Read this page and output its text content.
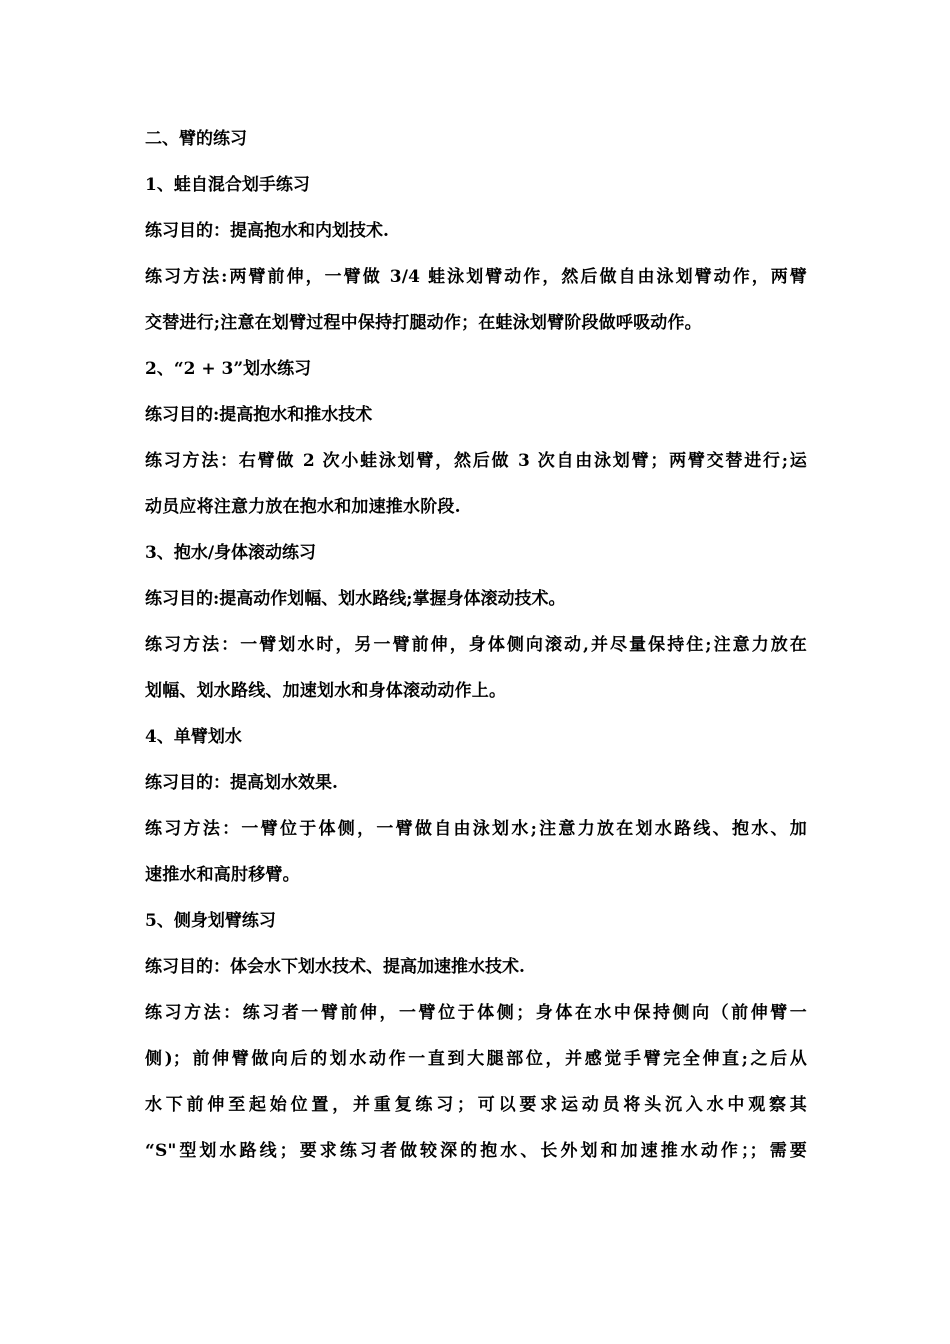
二、臂的练习
1、蛙自混合划手练习
练习目的：提高抱水和内划技术.
练习方法:两臂前伸，一臂做 3/4 蛙泳划臂动作，然后做自由泳划臂动作，两臂
交替进行;注意在划臂过程中保持打腿动作；在蛙泳划臂阶段做呼吸动作。
2、“2 + 3”划水练习
练习目的:提高抱水和推水技术
练习方法：右臂做 2 次小蛙泳划臂，然后做 3 次自由泳划臂；两臂交替进行;运
动员应将注意力放在抱水和加速推水阶段.
3、抱水/身体滚动练习
练习目的:提高动作划幅、划水路线;掌握身体滚动技术。
练习方法：一臂划水时，另一臂前伸，身体侧向滚动,并尽量保持住;注意力放在
划幅、划水路线、加速划水和身体滚动动作上。
4、单臂划水
练习目的：提高划水效果.
练习方法：一臂位于体侧，一臂做自由泳划水;注意力放在划水路线、抱水、加
速推水和高肘移臂。
5、侧身划臂练习
练习目的：体会水下划水技术、提高加速推水技术.
练习方法：练习者一臂前伸，一臂位于体侧；身体在水中保持侧向（前伸臂一
侧)；前伸臂做向后的划水动作一直到大腿部位，并感觉手臂完全伸直;之后从
水下前伸至起始位置，并重复练习；可以要求运动员将头沉入水中观察其
“S"型划水路线；要求练习者做较深的抱水、长外划和加速推水动作；；需要
